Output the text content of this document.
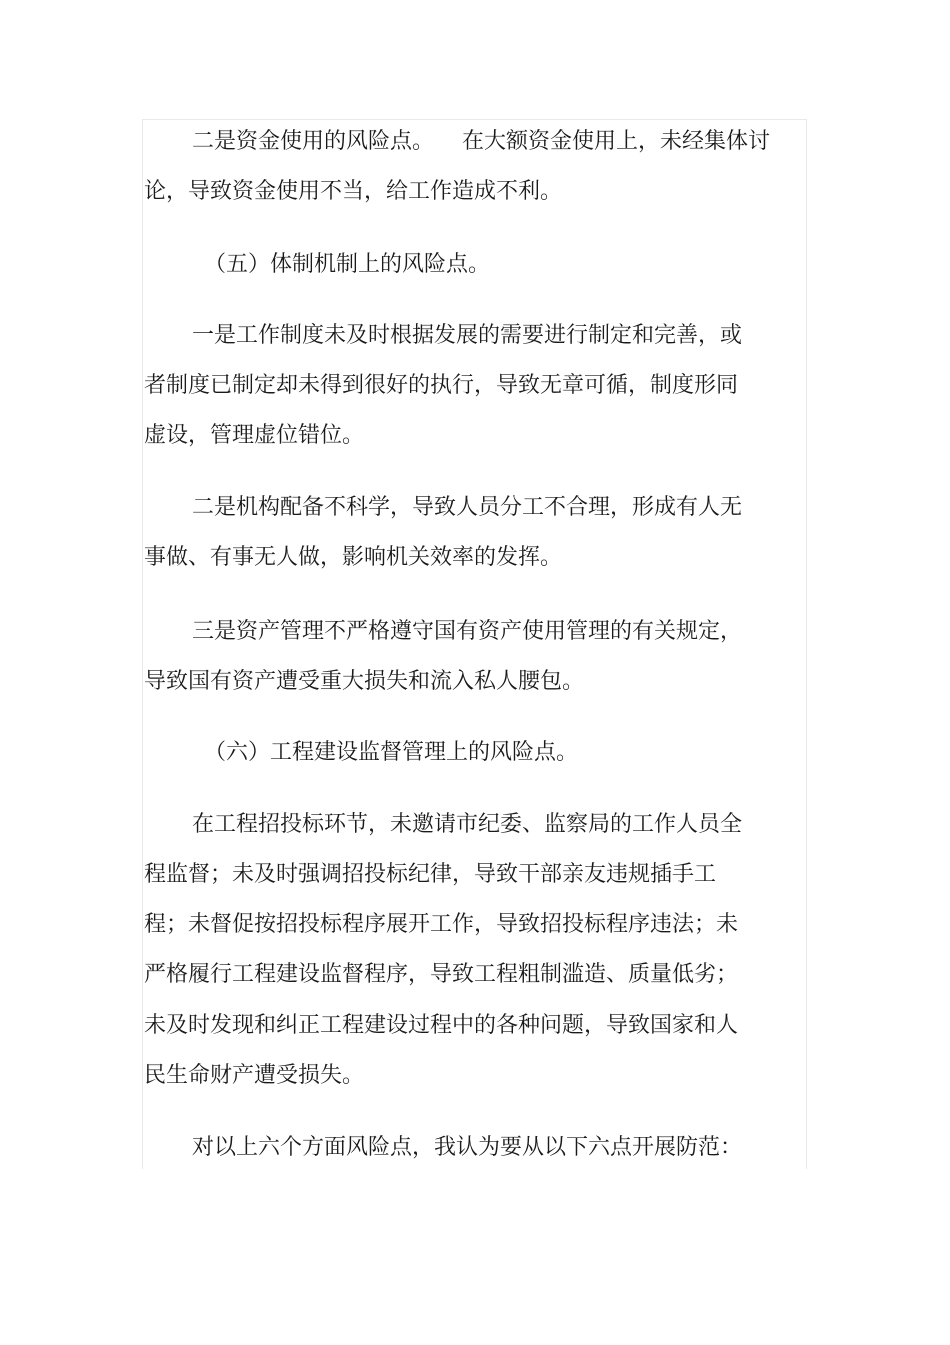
二是资金使用的风险点。    在大额资金使用上，未经集体讨
论，导致资金使用不当，给工作造成不利。
（五）体制机制上的风险点。
一是工作制度未及时根据发展的需要进行制定和完善，或
者制度已制定却未得到很好的执行，导致无章可循，制度形同
虚设，管理虚位错位。
二是机构配备不科学，导致人员分工不合理，形成有人无
事做、有事无人做，影响机关效率的发挥。
三是资产管理不严格遵守国有资产使用管理的有关规定，
导致国有资产遭受重大损失和流入私人腰包。
（六）工程建设监督管理上的风险点。
在工程招投标环节，未邀请市纪委、监察局的工作人员全
程监督；未及时强调招投标纪律，导致干部亲友违规插手工
程；未督促按招投标程序展开工作，导致招投标程序违法；未
严格履行工程建设监督程序，导致工程粗制滥造、质量低劣；
未及时发现和纠正工程建设过程中的各种问题，导致国家和人
民生命财产遭受损失。
对以上六个方面风险点，我认为要从以下六点开展防范：
